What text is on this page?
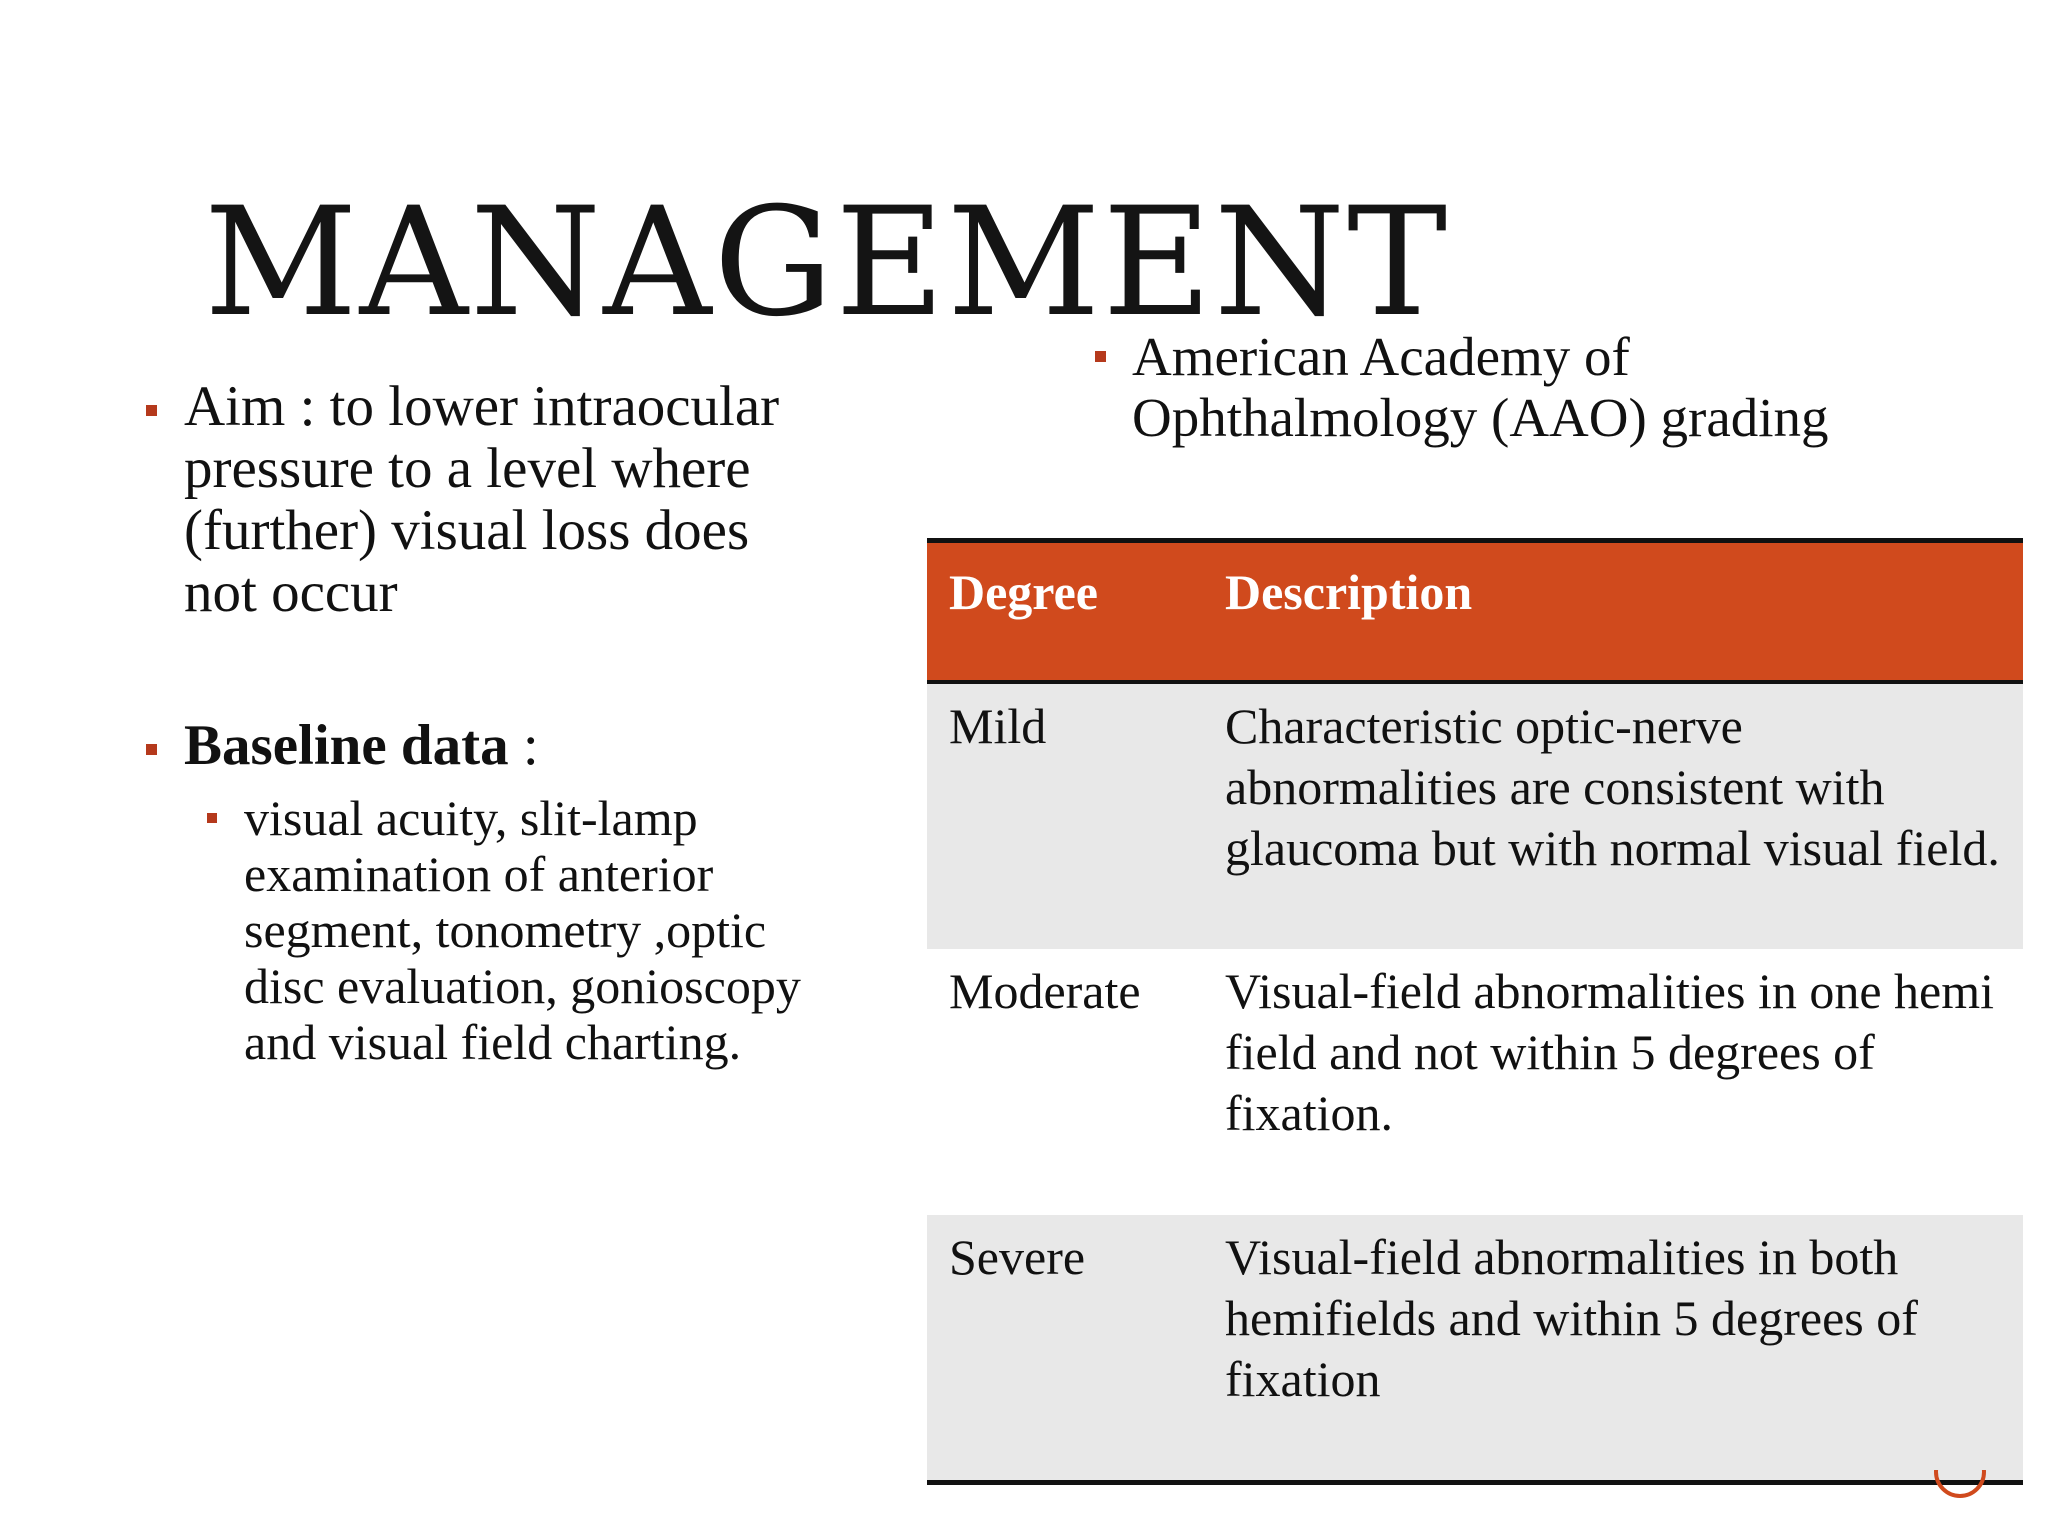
MANAGEMENT

Aim : to lower intraocular pressure to a level where (further) visual loss does not occur

Baseline data :

visual acuity, slit-lamp examination of anterior segment, tonometry ,optic disc evaluation, gonioscopy and visual field charting.

American Academy of Ophthalmology (AAO) grading

Degree	Description
Mild	Characteristic optic-nerve abnormalities are consistent with glaucoma but with normal visual field.
Moderate	Visual-field abnormalities in one hemi field and not within 5 degrees of fixation.
Severe	Visual-field abnormalities in both hemifields and within 5 degrees of fixation
